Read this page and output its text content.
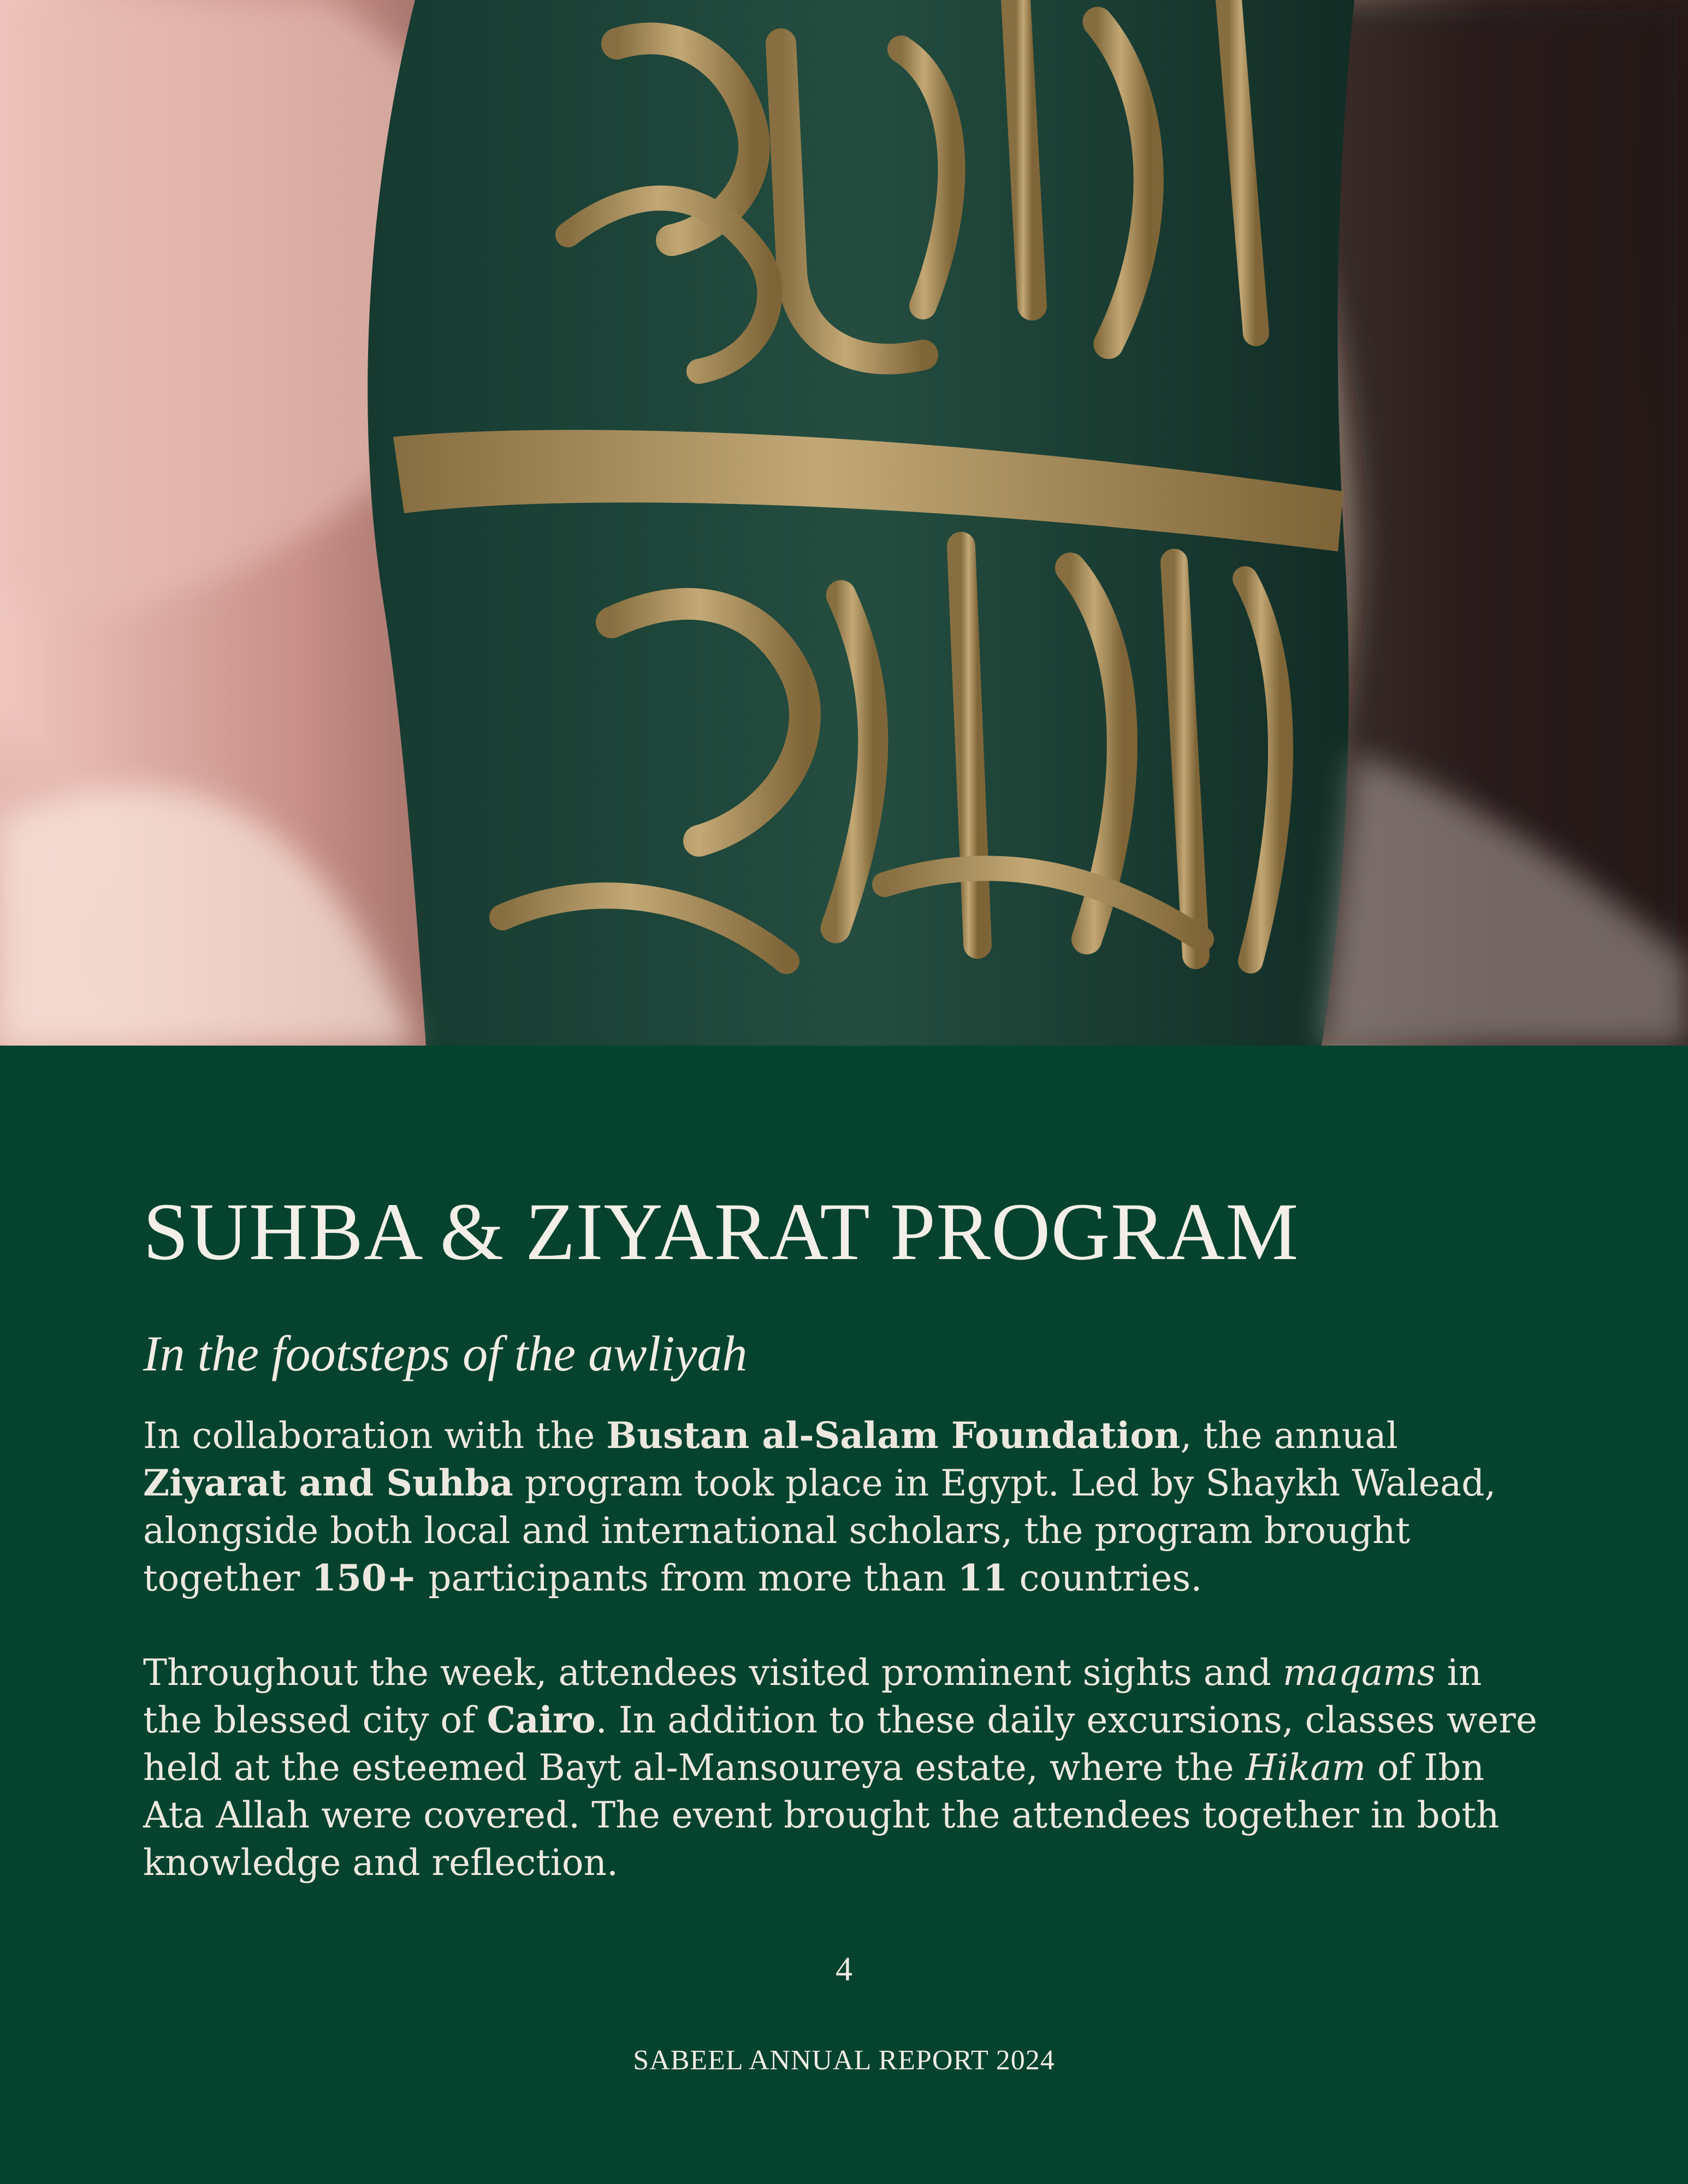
SUHBA & ZIYARAT PROGRAM
In the footsteps of the awliyah

In collaboration with the Bustan al-Salam Foundation, the annual Ziyarat and Suhba program took place in Egypt. Led by Shaykh Walead, alongside both local and international scholars, the program brought together 150+ participants from more than 11 countries.

Throughout the week, attendees visited prominent sights and maqams in the blessed city of Cairo. In addition to these daily excursions, classes were held at the esteemed Bayt al-Mansoureya estate, where the Hikam of Ibn Ata Allah were covered. The event brought the attendees together in both knowledge and reflection.

4
SABEEL ANNUAL REPORT 2024
